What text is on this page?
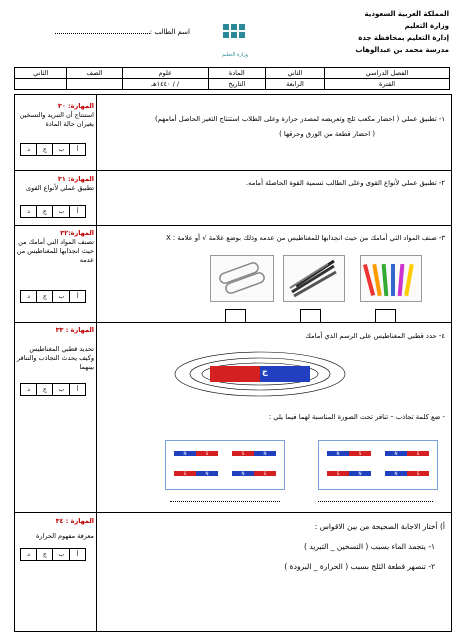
المملكة العربية السعودية
وزارة التعليم
إدارة التعليم بمحافظة جدة
مدرسة محمد بن عبدالوهاب
وزارة التعليم
اسم الطالب :
الفصل الدراسي	الثاني	المادة	علوم	الصف	الثاني
الفترة	الرابعة	التاريخ	/ / ١٤٤٠هـ		
المهارة: ٣٠
استنتاج أن التبريد والتسخين يغيران حالة المادة
أ	ب	ج	د
١- تطبيق عملي ( احضار مكعب ثلج وتعريضه لمصدر حرارة وعلى الطلاب استنتاج التغير الحاصل أمامهم)
( احضار قطعة من الورق وحرقها )
المهارة: ٣١
تطبيق عملي لأنواع القوى
أ	ب	ج	د
٢- تطبيق عملي لأنواع القوى وعلى الطالب تسمية القوة الحاصلة أمامه.
المهارة:٣٢
تصنف المواد التي أمامك من حيث انجذابها للمغناطيس من عدمه
أ	ب	ج	د
٣- صنف المواد التي أمامك من حيث انجذابها للمغناطيس من عدمه وذلك بوضع علامة √ أو علامة : X
المهارة : ٣٣
تحديد قطبي المغناطيس وكيف يحدث التجاذب والتنافر بينهما
أ	ب	ج	د
٤- حدد قطبي المغناطيس على الرسم الذي أمامك
ج
- ضع كلمة تجاذب – تنافر تحت الصورة المناسبة لهما فيما يلي :
N	S	N	S
S	N	N	S
N	S	S	N
S	N	N	S
المهارة : ٣٤
معرفة مفهوم الحرارة
أ	ب	ج	د
أ) أختار الاجابة الصحيحة من بين الاقواس :
١- يتجمد الماء بسبب ( التسخين _ التبريد )
٢- تنصهر قطعة الثلج بسبب ( الحرارة _ البرودة )
